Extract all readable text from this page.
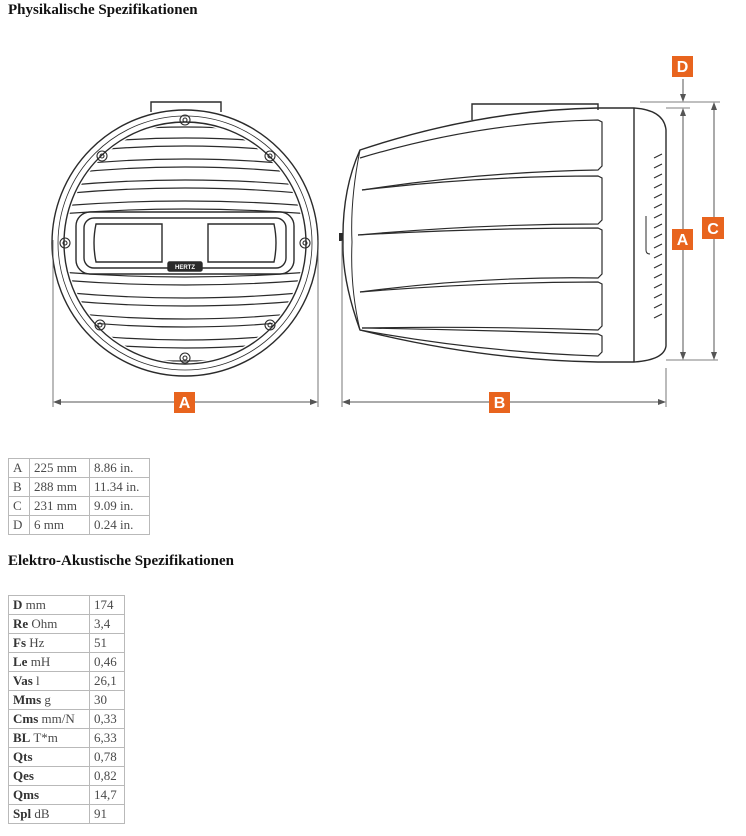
Physikalische Spezifikationen
HERTZ
A	B
A
C
D
A	225 mm	8.86 in.
B	288 mm	11.34 in.
C	231 mm	9.09 in.
D	6 mm	0.24 in.
Elektro-Akustische Spezifikationen
D mm	174
Re Ohm	3,4
Fs Hz	51
Le mH	0,46
Vas l	26,1
Mms g	30
Cms mm/N	0,33
BL T*m	6,33
Qts	0,78
Qes	0,82
Qms	14,7
Spl dB	91
